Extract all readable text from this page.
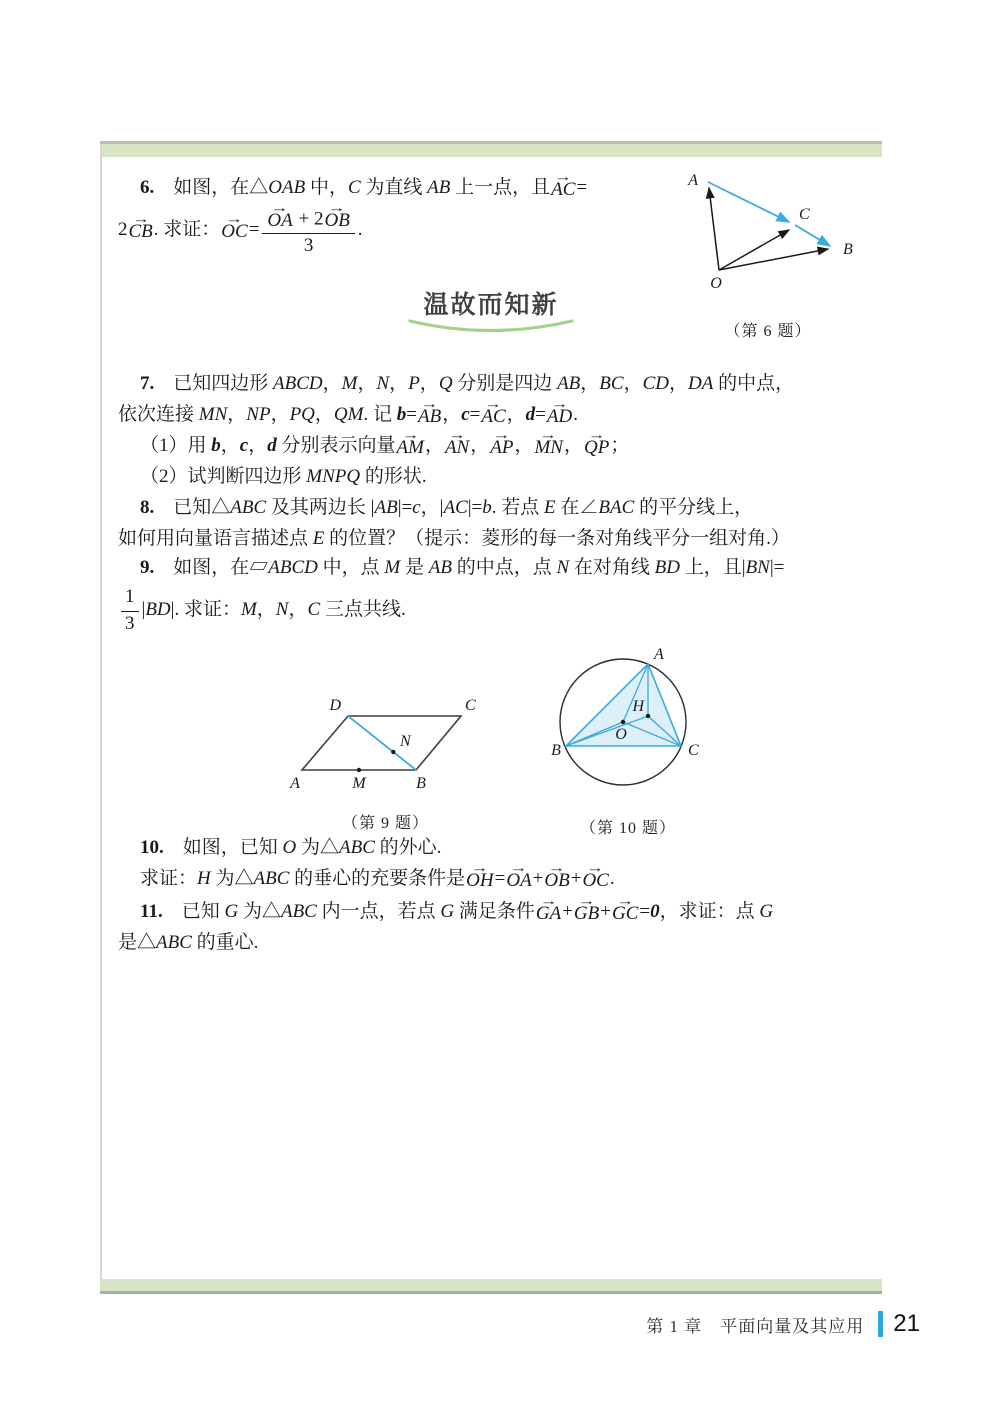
6.　如图，在△OAB 中，C 为直线 AB 上一点，且
→
AC =
2
→
CB . 求证：
→
OC = →
OA + 2
→
OB
3 .
A
C
B
O
（第 6 题）
温故而知新
7.　已知四边形 ABCD，M，N，P，Q 分别是四边 AB，BC，CD，DA 的中点，
依次连接 MN，NP，PQ，QM. 记 b=
→
AB ，c=
→
AC ，d=
→
AD .
（1）用 b，c，d 分别表示向量
→
AM ，
→
AN ，
→
AP ，
→
MN ，
→
QP ；
（2）试判断四边形 MNPQ 的形状.
8.　已知△ABC 及其两边长 |AB|=c，|AC|=b. 若点 E 在∠BAC 的平分线上，
如何用向量语言描述点 E 的位置？（提示：菱形的每一条对角线平分一组对角.）
9.　如图，在▱ABCD 中，点 M 是 AB 的中点，点 N 在对角线 BD 上，且|BN|=
$\frac{1}{3} |BD|$. 求证：M，N，C 三点共线.
A	M	B
N
D	C
（第 9 题）
A
B	C
O
H
（第 10 题）
10.　如图，已知 O 为△ABC 的外心.
求证：H 为△ABC 的垂心的充要条件是
→
OH =
→
OA +
→
OB +
→
OC .
11.　已知 G 为△ABC 内一点，若点 G 满足条件
→
GA +
→
GB +
→
GC =0，求证：点 G
是△ABC 的重心.
第 1 章　平面向量及其应用 21
